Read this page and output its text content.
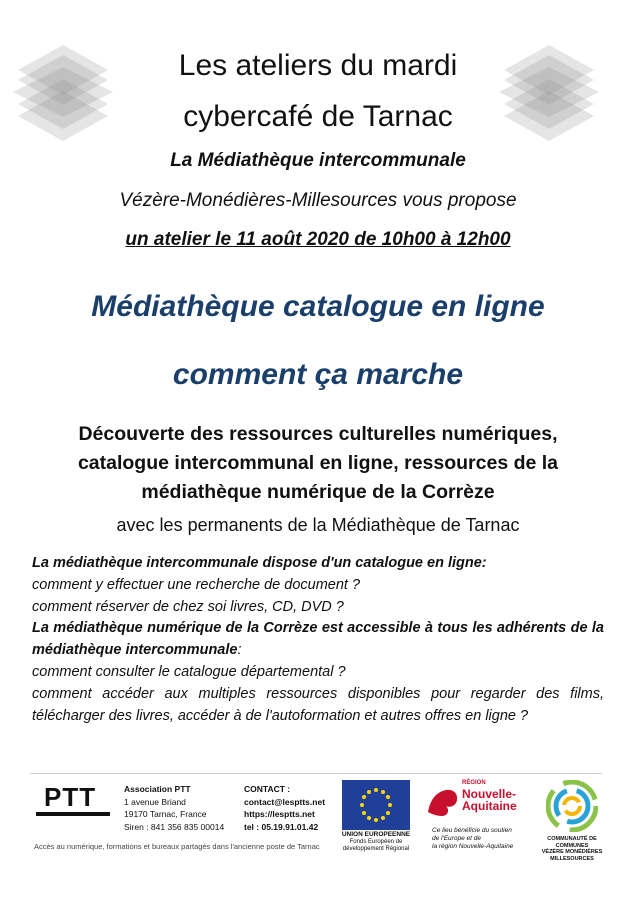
Les ateliers du mardi
cybercafé de Tarnac
La Médiathèque intercommunale
Vézère-Monédières-Millesources vous propose
un atelier le 11 août 2020 de 10h00 à 12h00
Médiathèque catalogue en ligne
comment ça marche
Découverte des ressources culturelles numériques,
catalogue intercommunal en ligne, ressources de la
médiathèque numérique de la Corrèze
avec les permanents de la Médiathèque de Tarnac

La médiathèque intercommunale dispose d'un catalogue en ligne:

comment y effectuer une recherche de document ?

comment réserver de chez soi livres, CD, DVD ?

La médiathèque numérique de la Corrèze est accessible à tous les adhérents de la médiathèque intercommunale:

comment consulter le catalogue départemental ?

comment accéder aux multiples ressources disponibles pour regarder des films, télécharger des livres, accéder à de l'autoformation et autres offres en ligne ?

PTT
Accès au numérique, formations et bureaux partagés dans l'ancienne poste de Tarnac
Association PTT
1 avenue Briand
19170 Tarnac, France
Siren : 841 356 835 00014
CONTACT :
contact@lesptts.net
https://lesptts.net
tel : 05.19.91.01.42
UNION EUROPEENNE
Fonds Européen de
développement Régional
RÉGION
Nouvelle-
Aquitaine
Ce lieu bénéficie du soutien
de l'Europe et de
la région Nouvelle-Aquitaine
COMMUNAUTÉ DE COMMUNES
VÉZÈRE MONÉDIÈRES MILLESOURCES
